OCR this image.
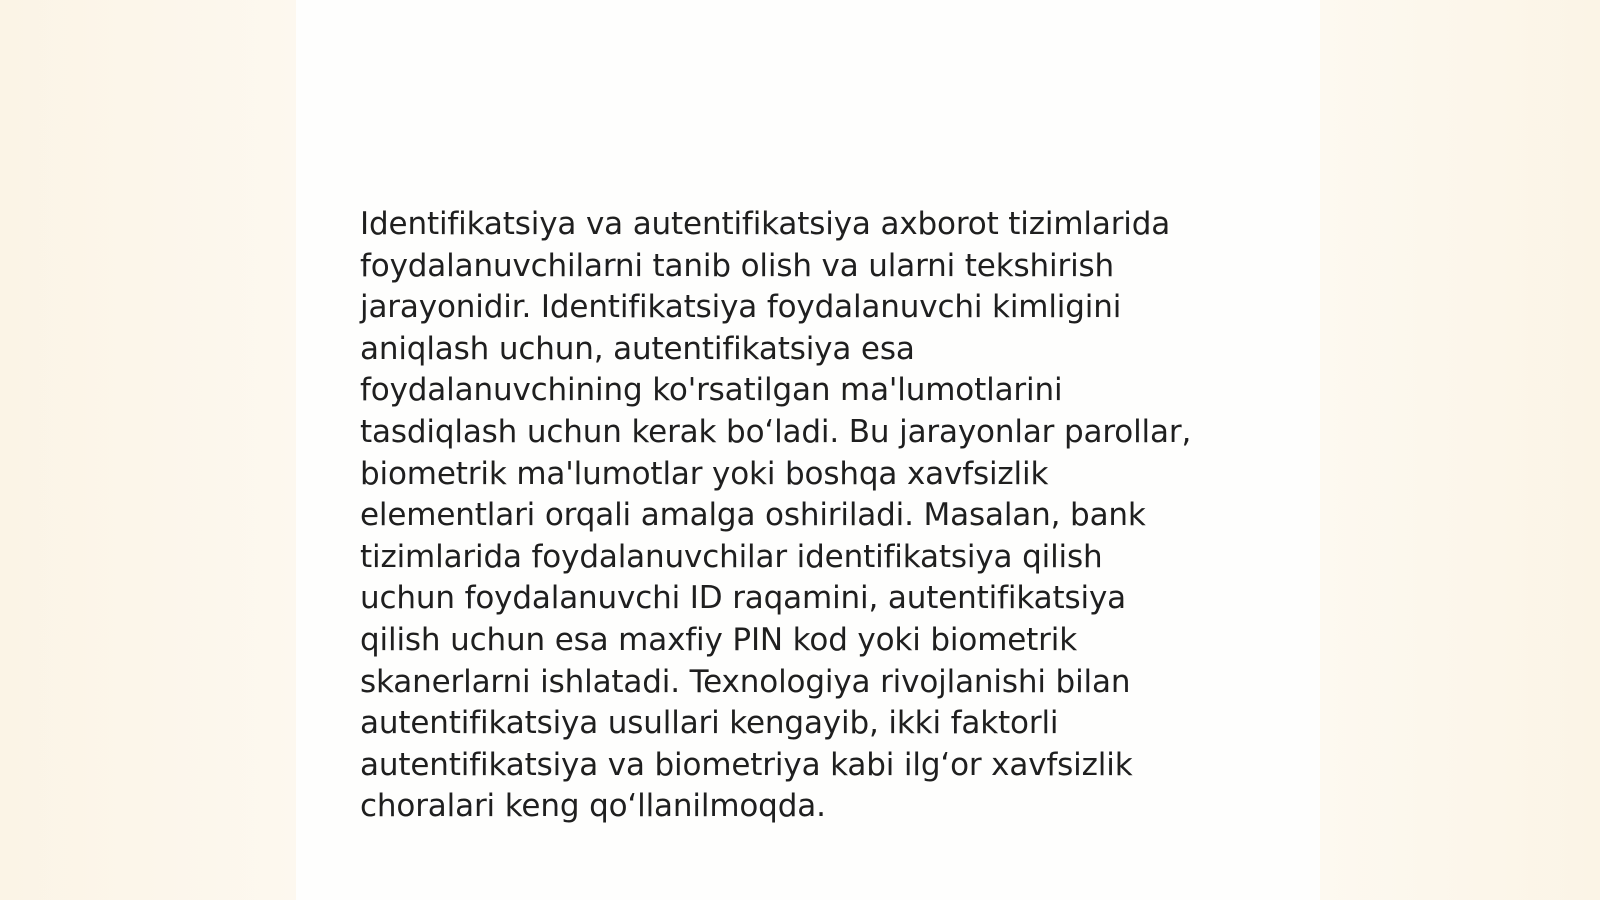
Identifikatsiya va autentifikatsiya axborot tizimlarida
foydalanuvchilarni tanib olish va ularni tekshirish
jarayonidir. Identifikatsiya foydalanuvchi kimligini
aniqlash uchun, autentifikatsiya esa
foydalanuvchining ko'rsatilgan ma'lumotlarini
tasdiqlash uchun kerak bo‘ladi. Bu jarayonlar parollar,
biometrik ma'lumotlar yoki boshqa xavfsizlik
elementlari orqali amalga oshiriladi. Masalan, bank
tizimlarida foydalanuvchilar identifikatsiya qilish
uchun foydalanuvchi ID raqamini, autentifikatsiya
qilish uchun esa maxfiy PIN kod yoki biometrik
skanerlarni ishlatadi. Texnologiya rivojlanishi bilan
autentifikatsiya usullari kengayib, ikki faktorli
autentifikatsiya va biometriya kabi ilg‘or xavfsizlik
choralari keng qo‘llanilmoqda.
